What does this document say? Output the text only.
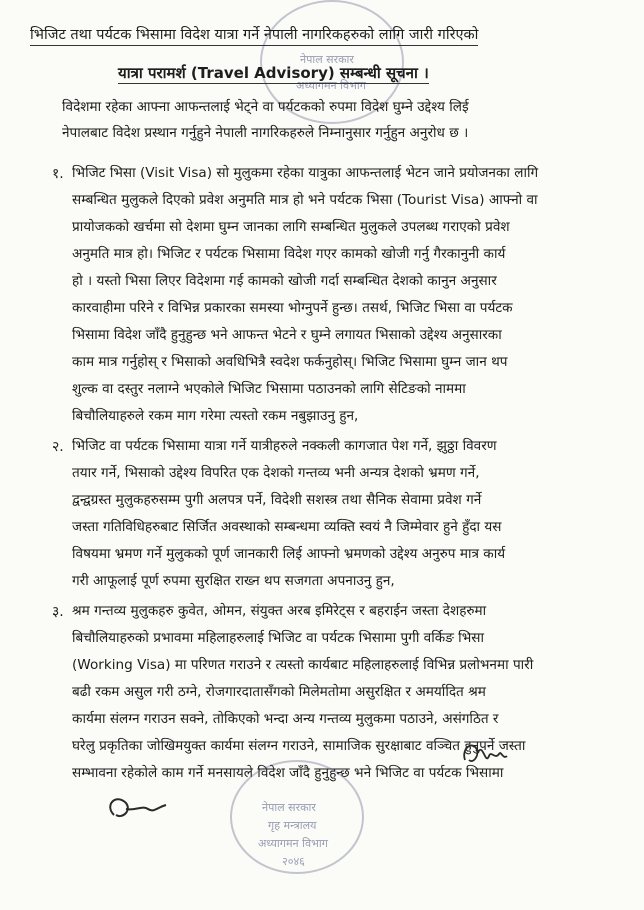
नेपाल सरकार
अध्यागमन विभाग
भिजिट तथा पर्यटक भिसामा विदेश यात्रा गर्ने नेपाली नागरिकहरुको लागि जारी गरिएको
यात्रा परामर्श (Travel Advisory) सम्बन्धी सूचना ।
विदेशमा रहेका आफ्ना आफन्तलाई भेट्ने वा पर्यटकको रुपमा विदेश घुम्ने उद्देश्य लिई
नेपालबाट विदेश प्रस्थान गर्नुहुने नेपाली नागरिकहरुले निम्नानुसार गर्नुहुन अनुरोध छ ।
१. भिजिट भिसा (Visit Visa) सो मुलुकमा रहेका यात्रुका आफन्तलाई भेटन जाने प्रयोजनका लागि
सम्बन्धित मुलुकले दिएको प्रवेश अनुमति मात्र हो भने पर्यटक भिसा (Tourist Visa) आफ्नो वा
प्रायोजकको खर्चमा सो देशमा घुम्न जानका लागि सम्बन्धित मुलुकले उपलब्ध गराएको प्रवेश
अनुमति मात्र हो। भिजिट र पर्यटक भिसामा विदेश गएर कामको खोजी गर्नु गैरकानुनी कार्य
हो । यस्तो भिसा लिएर विदेशमा गई कामको खोजी गर्दा सम्बन्धित देशको कानुन अनुसार
कारवाहीमा परिने र विभिन्न प्रकारका समस्या भोग्नुपर्ने हुन्छ। तसर्थ, भिजिट भिसा वा पर्यटक
भिसामा विदेश जाँदै हुनुहुन्छ भने आफन्त भेटने र घुम्ने लगायत भिसाको उद्देश्य अनुसारका
काम मात्र गर्नुहोस् र भिसाको अवधिभित्रै स्वदेश फर्कनुहोस्। भिजिट भिसामा घुम्न जान थप
शुल्क वा दस्तुर नलाग्ने भएकोले भिजिट भिसामा पठाउनको लागि सेटिङको नाममा
बिचौलियाहरुले रकम माग गरेमा त्यस्तो रकम नबुझाउनु हुन,
२. भिजिट वा पर्यटक भिसामा यात्रा गर्ने यात्रीहरुले नक्कली कागजात पेश गर्ने, झुठ्ठा विवरण
तयार गर्ने, भिसाको उद्देश्य विपरित एक देशको गन्तव्य भनी अन्यत्र देशको भ्रमण गर्ने,
द्वन्द्वग्रस्त मुलुकहरुसम्म पुगी अलपत्र पर्ने, विदेशी सशस्त्र तथा सैनिक सेवामा प्रवेश गर्ने
जस्ता गतिविधिहरुबाट सिर्जित अवस्थाको सम्बन्धमा व्यक्ति स्वयं नै जिम्मेवार हुने हुँदा यस
विषयमा भ्रमण गर्ने मुलुकको पूर्ण जानकारी लिई आफ्नो भ्रमणको उद्देश्य अनुरुप मात्र कार्य
गरी आफूलाई पूर्ण रुपमा सुरक्षित राख्न थप सजगता अपनाउनु हुन,
३. श्रम गन्तव्य मुलुकहरु कुवेत, ओमन, संयुक्त अरब इमिरेट्स र बहराईन जस्ता देशहरुमा
बिचौलियाहरुको प्रभावमा महिलाहरुलाई भिजिट वा पर्यटक भिसामा पुगी वर्किङ भिसा
(Working Visa) मा परिणत गराउने र त्यस्तो कार्यबाट महिलाहरुलाई विभिन्न प्रलोभनमा पारी
बढी रकम असुल गरी ठग्ने, रोजगारदातासँगको मिलेमतोमा असुरक्षित र अमर्यादित श्रम
कार्यमा संलग्न गराउन सक्ने, तोकिएको भन्दा अन्य गन्तव्य मुलुकमा पठाउने, असंगठित र
घरेलु प्रकृतिका जोखिमयुक्त कार्यमा संलग्न गराउने, सामाजिक सुरक्षाबाट वञ्चित हुनुपर्ने जस्ता
सम्भावना रहेकोले काम गर्ने मनसायले विदेश जाँदै हुनुहुन्छ भने भिजिट वा पर्यटक भिसामा
नेपाल सरकार
गृह मन्त्रालय
अध्यागमन विभाग
२०४६
